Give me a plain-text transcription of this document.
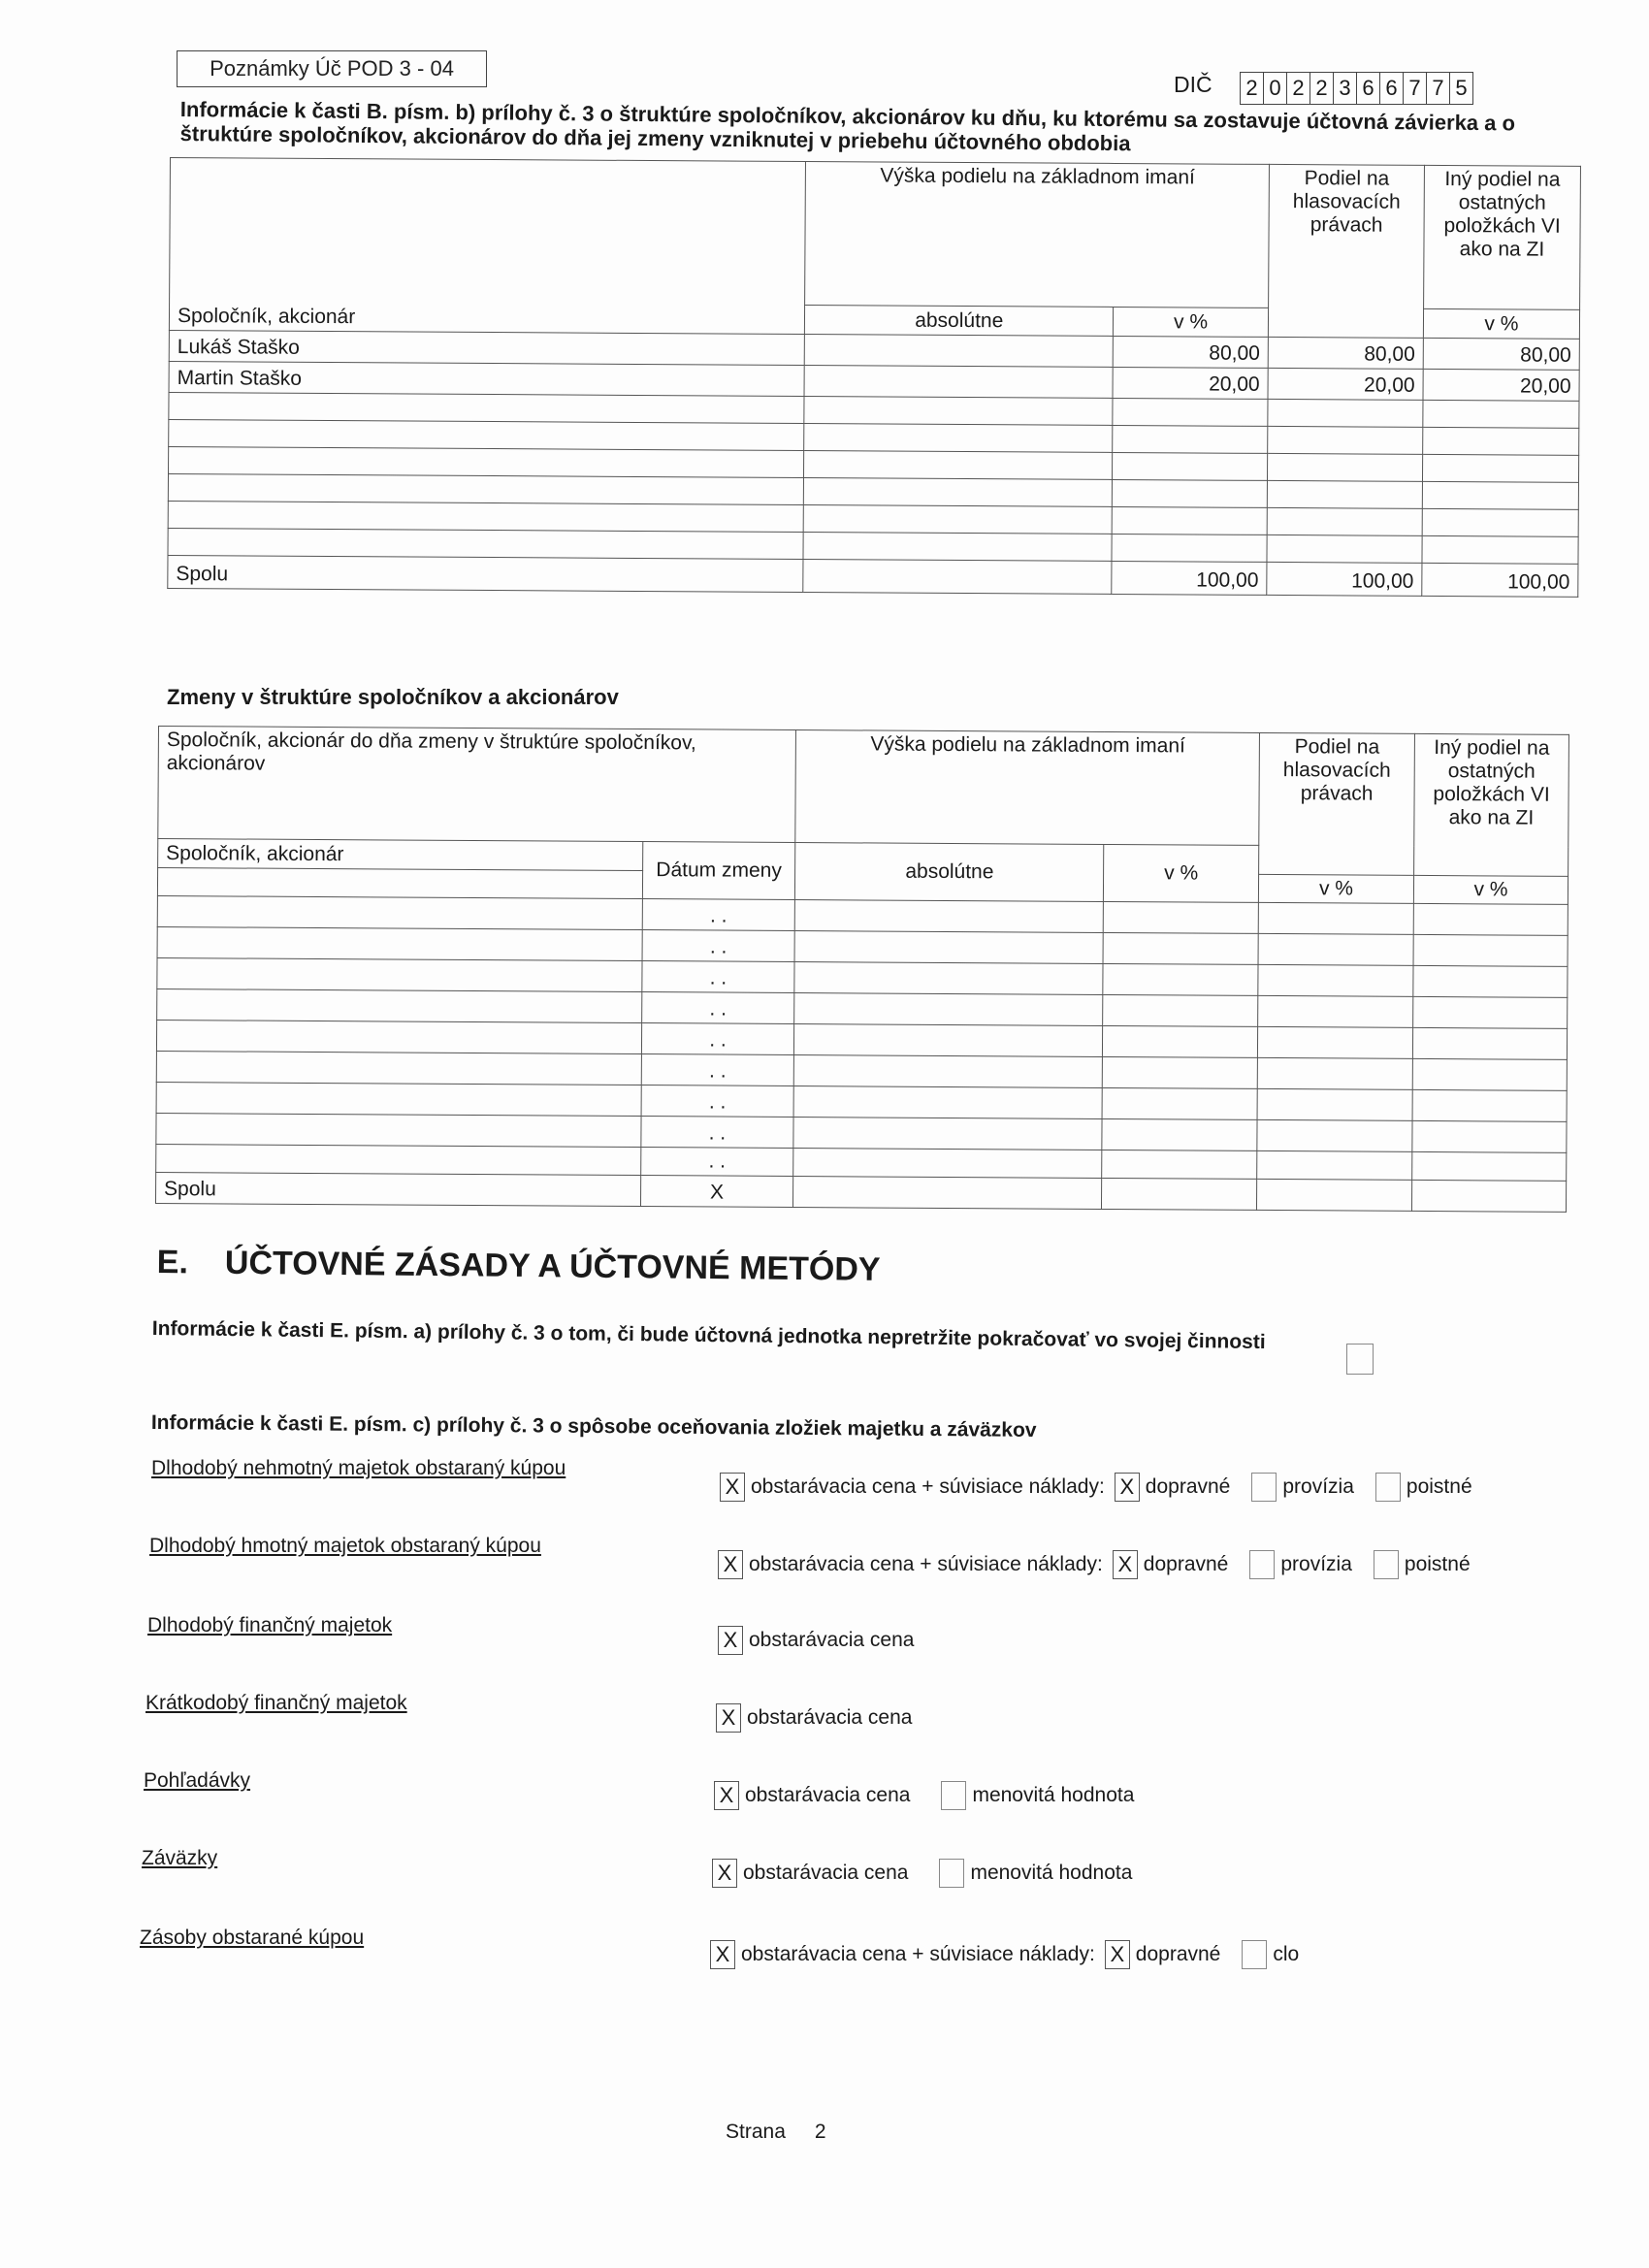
Poznámky Úč POD 3 - 04
DIČ 2 0 2 2 3 6 6 7 7 5
Informácie k časti B. písm. b) prílohy č. 3 o štruktúre spoločníkov, akcionárov ku dňu, ku ktorému sa zostavuje účtovná závierka a o štruktúre spoločníkov, akcionárov do dňa jej zmeny vzniknutej v priebehu účtovného obdobia
Spoločník, akcionár	Výška podielu na základnom imaní		Podiel na hlasovacích právach	Iný podiel na ostatných položkách VI ako na ZI
	absolútne	v %		v %
Lukáš Staško		80,00	80,00	80,00
Martin Staško		20,00	20,00	20,00

Spolu		100,00	100,00	100,00
Zmeny v štruktúre spoločníkov a akcionárov
Spoločník, akcionár do dňa zmeny v štruktúre spoločníkov, akcionárov		Výška podielu na základnom imaní		Podiel na hlasovacích právach	Iný podiel na ostatných položkách VI ako na ZI
Spoločník, akcionár	Dátum zmeny	absolútne	v %		
				v %	v %
	. .				
	. .				
	. .				
	. .				
	. .				
	. .				
	. .				
	. .				
	. .				
Spolu	X				
E. ÚČTOVNÉ ZÁSADY A ÚČTOVNÉ METÓDY
Informácie k časti E. písm. a) prílohy č. 3 o tom, či bude účtovná jednotka nepretržite pokračovať vo svojej činnosti
Informácie k časti E. písm. c) prílohy č. 3 o spôsobe oceňovania zložiek majetku a záväzkov
Dlhodobý nehmotný majetok obstaraný kúpou
X obstarávacia cena + súvisiace náklady: X dopravné	provízia	poistné
Dlhodobý hmotný majetok obstaraný kúpou
X obstarávacia cena + súvisiace náklady: X dopravné	provízia	poistné
Dlhodobý finančný majetok
X obstarávacia cena
Krátkodobý finančný majetok
X obstarávacia cena
Pohľadávky
X obstarávacia cena	menovitá hodnota
Záväzky
X obstarávacia cena	menovitá hodnota
Zásoby obstarané kúpou
X obstarávacia cena + súvisiace náklady: X dopravné	clo
Strana 2
